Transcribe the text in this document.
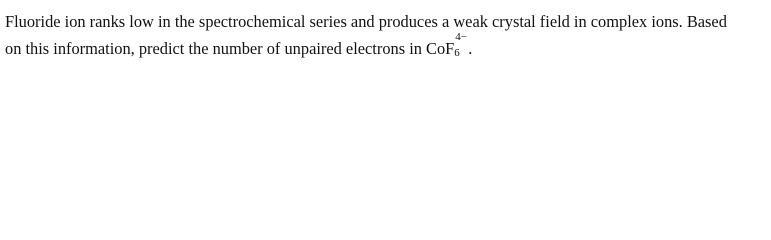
Fluoride ion ranks low in the spectrochemical series and produces a weak crystal field in complex ions. Based
on this information, predict the number of unpaired electrons in CoF
4−
6 .
